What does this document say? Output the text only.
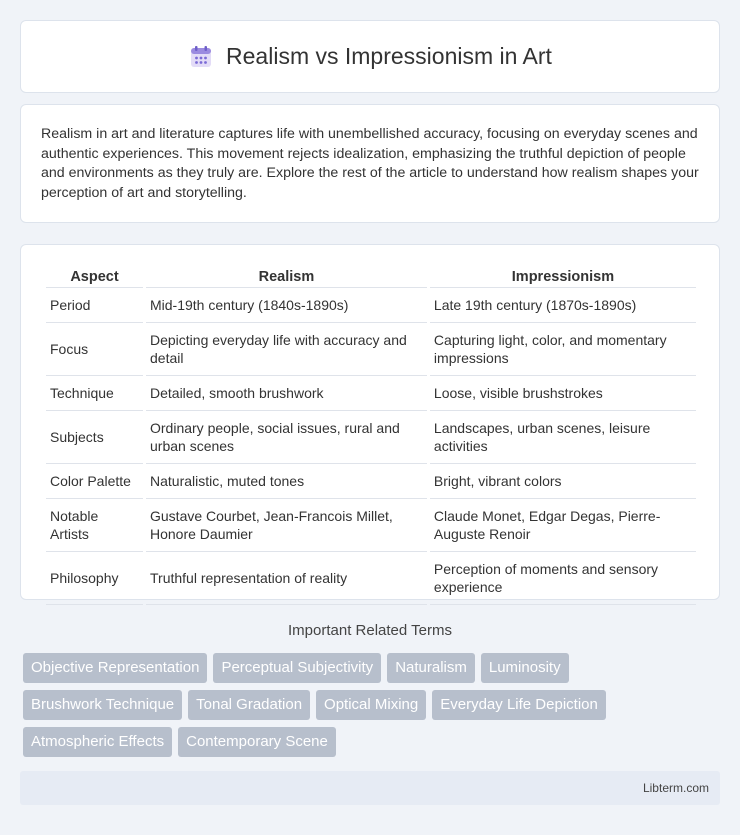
Realism vs Impressionism in Art

Realism in art and literature captures life with unembellished accuracy, focusing on everyday scenes and authentic experiences. This movement rejects idealization, emphasizing the truthful depiction of people and environments as they truly are. Explore the rest of the article to understand how realism shapes your perception of art and storytelling.

Aspect	Realism	Impressionism
Period	Mid-19th century (1840s-1890s)	Late 19th century (1870s-1890s)
Focus	Depicting everyday life with accuracy and detail	Capturing light, color, and momentary impressions
Technique	Detailed, smooth brushwork	Loose, visible brushstrokes
Subjects	Ordinary people, social issues, rural and urban scenes	Landscapes, urban scenes, leisure activities
Color Palette	Naturalistic, muted tones	Bright, vibrant colors
Notable Artists	Gustave Courbet, Jean-Francois Millet, Honore Daumier	Claude Monet, Edgar Degas, Pierre-Auguste Renoir
Philosophy	Truthful representation of reality	Perception of moments and sensory experience
Important Related Terms
Objective Representation	Perceptual Subjectivity	Naturalism	Luminosity
Brushwork Technique	Tonal Gradation	Optical Mixing	Everyday Life Depiction
Atmospheric Effects	Contemporary Scene
Libterm.com
